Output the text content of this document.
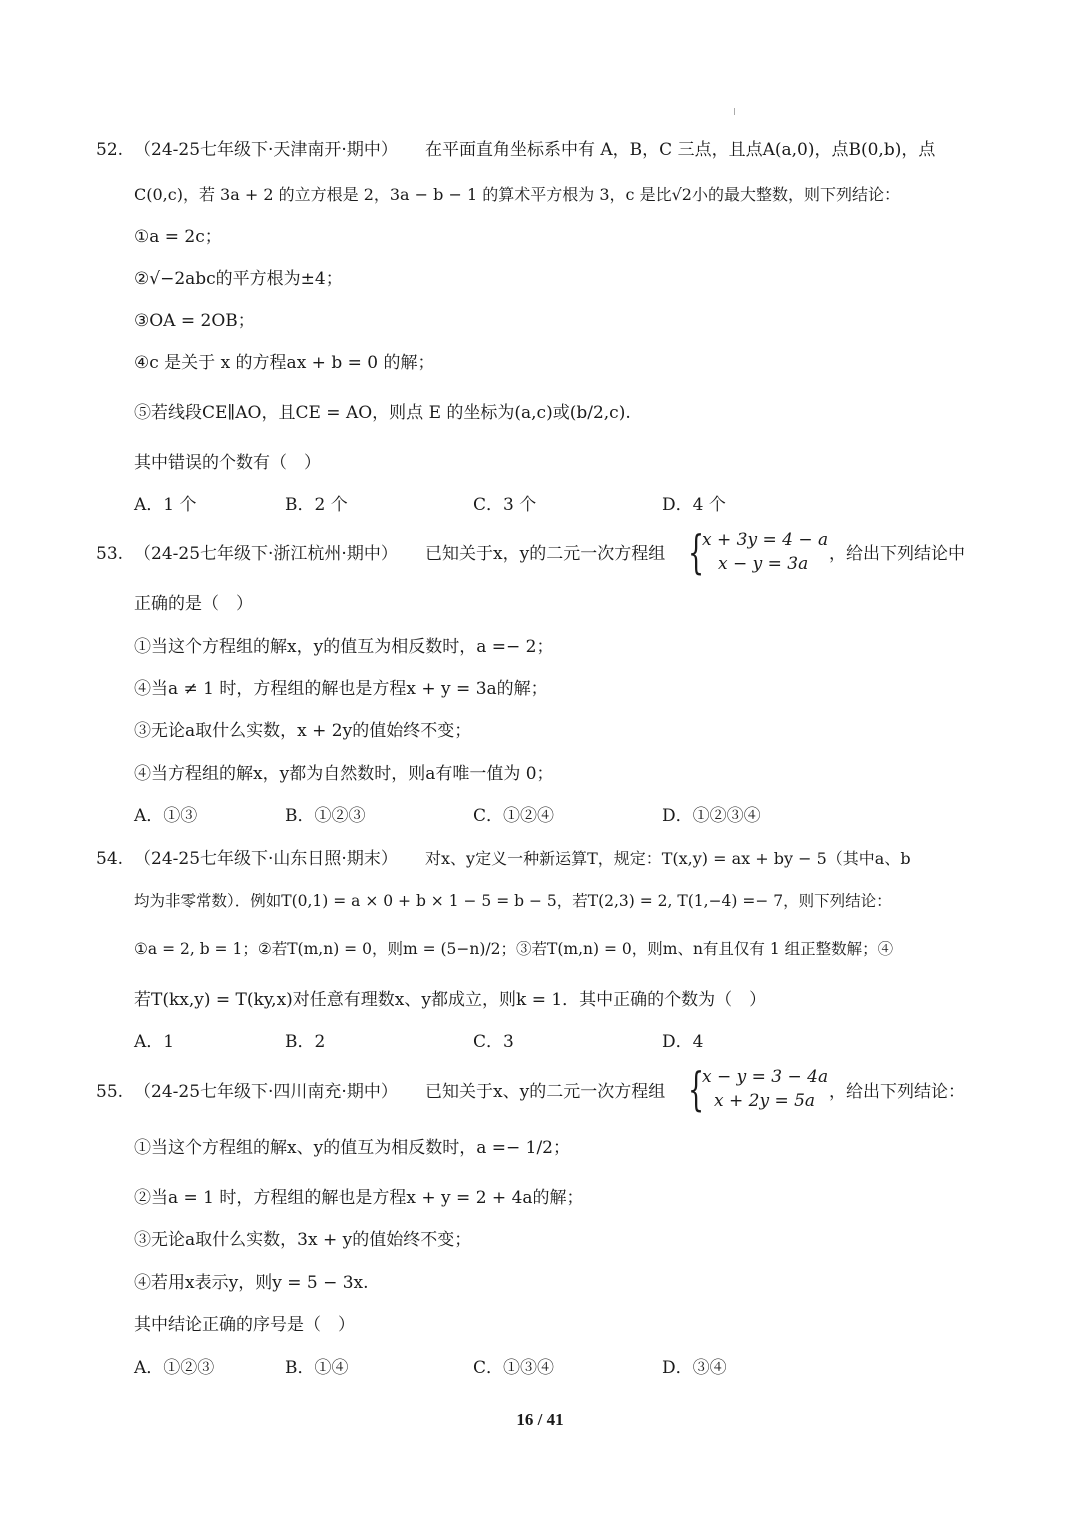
52. （24-25七年级下·天津南开·期中） 在平面直角坐标系中有 A，B，C 三点，且点A(a,0)，点B(0,b)，点
C(0,c)，若 3a + 2 的立方根是 2，3a − b − 1 的算术平方根为 3，c 是比√2小的最大整数，则下列结论：
①a = 2c；
②√−2abc的平方根为±4；
③OA = 2OB；
④c 是关于 x 的方程ax + b = 0 的解；
⑤若线段CE∥AO，且CE = AO，则点 E 的坐标为(a,c)或(b/2,c).
其中错误的个数有（　）
A．1 个	B．2 个	C．3 个	D．4 个
53. （24-25七年级下·浙江杭州·期中） 已知关于x，y的二元一次方程组 {
x + 3y = 4 − a
x − y = 3a ，给出下列结论中
正确的是（　）
①当这个方程组的解x，y的值互为相反数时，a =− 2；
④当a ≠ 1 时，方程组的解也是方程x + y = 3a的解；
③无论a取什么实数，x + 2y的值始终不变；
④当方程组的解x，y都为自然数时，则a有唯一值为 0；
A．①③	B．①②③	C．①②④	D．①②③④
54. （24-25七年级下·山东日照·期末） 对x、y定义一种新运算T，规定：T(x,y) = ax + by − 5（其中a、b
均为非零常数）．例如T(0,1) = a × 0 + b × 1 − 5 = b − 5，若T(2,3) = 2, T(1,−4) =− 7，则下列结论：
①a = 2, b = 1；②若T(m,n) = 0，则m = (5−n)/2；③若T(m,n) = 0，则m、n有且仅有 1 组正整数解；④
若T(kx,y) = T(ky,x)对任意有理数x、y都成立，则k = 1．其中正确的个数为（　）
A．1	B．2	C．3	D．4
55. （24-25七年级下·四川南充·期中） 已知关于x、y的二元一次方程组 {
x − y = 3 − 4a
x + 2y = 5a ，给出下列结论：
①当这个方程组的解x、y的值互为相反数时，a =− 1/2；
②当a = 1 时，方程组的解也是方程x + y = 2 + 4a的解；
③无论a取什么实数，3x + y的值始终不变；
④若用x表示y，则y = 5 − 3x.
其中结论正确的序号是（　）
A．①②③	B．①④	C．①③④	D．③④
16 / 41
